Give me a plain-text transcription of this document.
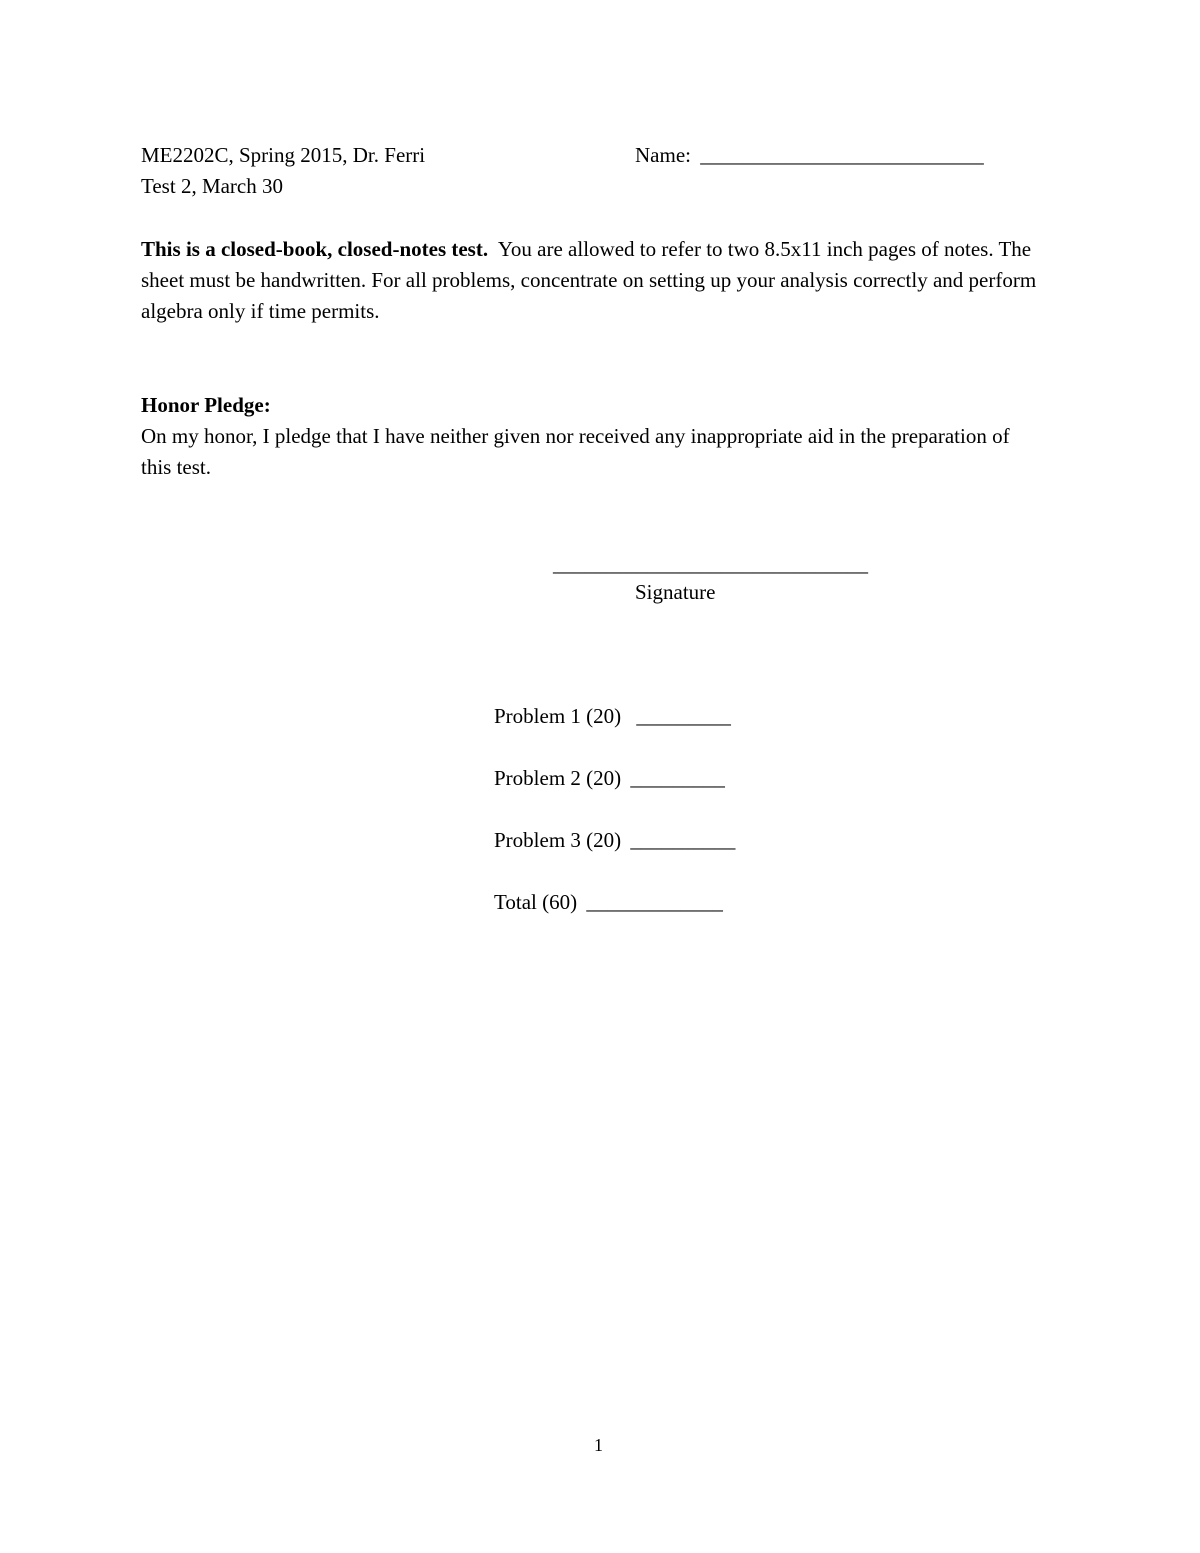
ME2202C, Spring 2015, Dr. Ferri
Test 2, March 30
Name: ___________________________
This is a closed-book, closed-notes test. You are allowed to refer to two 8.5x11 inch pages of notes. The sheet must be handwritten. For all problems, concentrate on setting up your analysis correctly and perform algebra only if time permits.
Honor Pledge:
On my honor, I pledge that I have neither given nor received any inappropriate aid in the preparation of this test.
______________________________
Signature
Problem 1 (20) _________
Problem 2 (20) _________
Problem 3 (20) __________
Total (60) _____________
1
